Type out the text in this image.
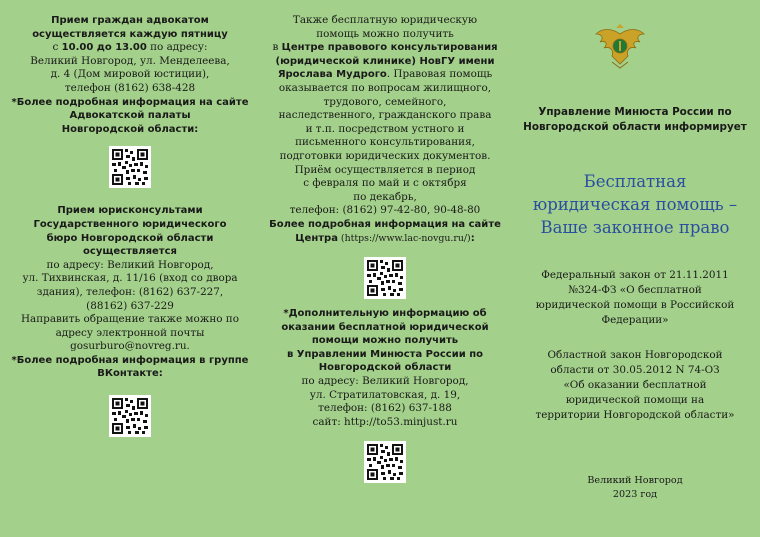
Прием граждан адвокатом
осуществляется каждую пятницу
с 10.00 до 13.00 по адресу:
Великий Новгород, ул. Менделеева,
д. 4 (Дом мировой юстиции),
телефон (8162) 638-428
*Более подробная информация на сайте
Адвокатской палаты
Новгородской области:
Прием юрисконсультами
Государственного юридического
бюро Новгородской области
осуществляется
по адресу: Великий Новгород,
ул. Тихвинская, д. 11/16 (вход со двора
здания), телефон: (8162) 637-227,
(88162) 637-229
Направить обращение также можно по
адресу электронной почты
gosurburo@novreg.ru.
*Более подробная информация в группе
ВКонтакте:
Также бесплатную юридическую
помощь можно получить
в Центре правового консультирования
(юридической клинике) НовГУ имени
Ярослава Мудрого. Правовая помощь
оказывается по вопросам жилищного,
трудового, семейного,
наследственного, гражданского права
и т.п. посредством устного и
письменного консультирования,
подготовки юридических документов.
Приём осуществляется в период
с февраля по май и с октября
по декабрь,
телефон: (8162) 97-42-80, 90-48-80
Более подробная информация на сайте
Центра (https://www.lac-novgu.ru/):
*Дополнительную информацию об
оказании бесплатной юридической
помощи можно получить
в Управлении Минюста России по
Новгородской области
по адресу: Великий Новгород,
ул. Стратилатовская, д. 19,
телефон: (8162) 637-188
сайт: http://to53.minjust.ru
Управление Минюста России по
Новгородской области информирует
Бесплатная
юридическая помощь –
Ваше законное право
Федеральный закон от 21.11.2011
№324-ФЗ «О бесплатной
юридической помощи в Российской
Федерации»
Областной закон Новгородской
области от 30.05.2012 N 74-ОЗ
«Об оказании бесплатной
юридической помощи на
территории Новгородской области»
Великий Новгород
2023 год
